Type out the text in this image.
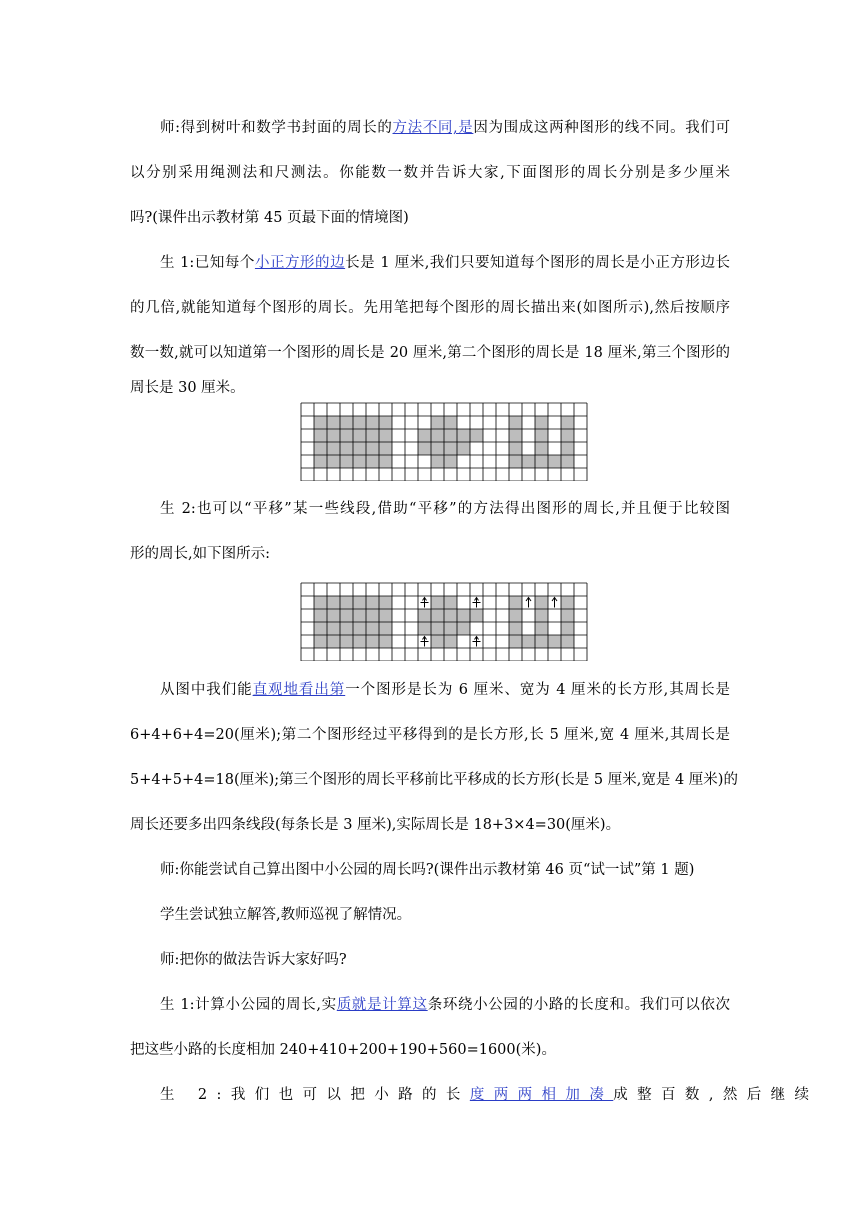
师:得到树叶和数学书封面的周长的方法不同,是因为围成这两种图形的线不同。我们可
以分别采用绳测法和尺测法。你能数一数并告诉大家,下面图形的周长分别是多少厘米
吗?(课件出示教材第 45 页最下面的情境图)
生 1:已知每个小正方形的边长是 1 厘米,我们只要知道每个图形的周长是小正方形边长
的几倍,就能知道每个图形的周长。先用笔把每个图形的周长描出来(如图所示),然后按顺序
数一数,就可以知道第一个图形的周长是 20 厘米,第二个图形的周长是 18 厘米,第三个图形的
周长是 30 厘米。
生 2:也可以“平移”某一些线段,借助“平移”的方法得出图形的周长,并且便于比较图
形的周长,如下图所示:
从图中我们能直观地看出第一个图形是长为 6 厘米、宽为 4 厘米的长方形,其周长是
6+4+6+4=20(厘米);第二个图形经过平移得到的是长方形,长 5 厘米,宽 4 厘米,其周长是
5+4+5+4=18(厘米);第三个图形的周长平移前比平移成的长方形(长是 5 厘米,宽是 4 厘米)的
周长还要多出四条线段(每条长是 3 厘米),实际周长是 18+3×4=30(厘米)。
师:你能尝试自己算出图中小公园的周长吗?(课件出示教材第 46 页“试一试”第 1 题)
学生尝试独立解答,教师巡视了解情况。
师:把你的做法告诉大家好吗?
生 1:计算小公园的周长,实质就是计算这条环绕小公园的小路的长度和。我们可以依次
把这些小路的长度相加 240+410+200+190+560=1600(米)。
生 2:我们也可以把小路的长度两两相加凑成整百数,然后继续
